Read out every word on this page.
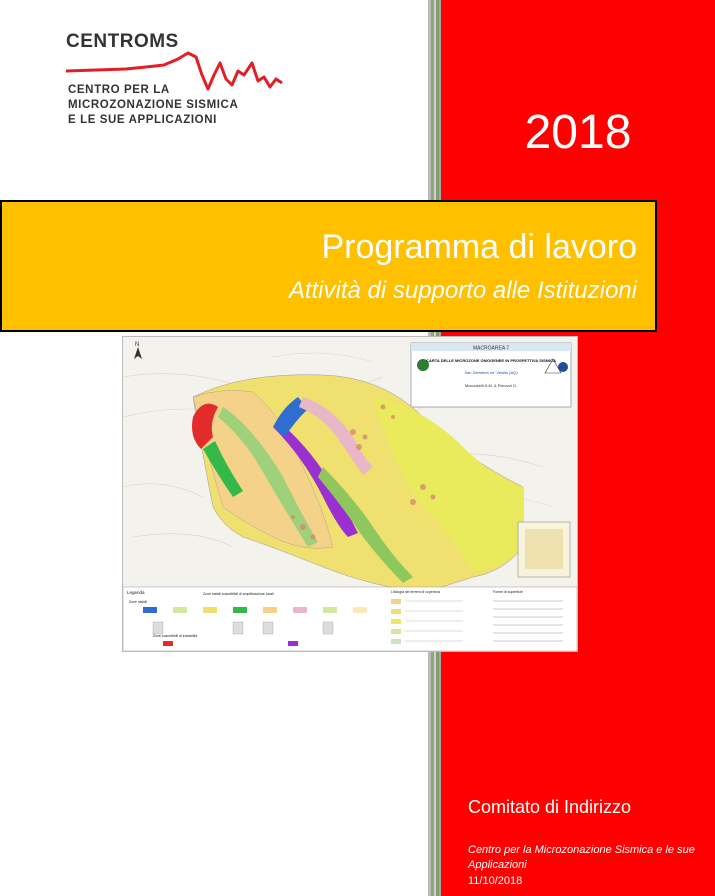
CENTROMS
CENTRO PER LA
MICROZONAZIONE SISMICA
E LE SUE APPLICAZIONI	2018
Programma di lavoro
Attività di supporto alle Istituzioni
N
MACROAREA 7
CARTA DELLE MICROZONE OMOGENEE IN PROSPETTIVA SISMICA
San Demetrio ne' Vestini (AQ)
Mucciarelli A.M. & Pierozzi D.
Legenda
Zone stabili
Zone stabili suscettibili di amplificazione locali
Zone suscettibili di instabilità
Litologia dei terreni di copertura	Forme di superficie
Comitato di Indirizzo
Centro per la Microzonazione Sismica e le sue Applicazioni
11/10/2018
